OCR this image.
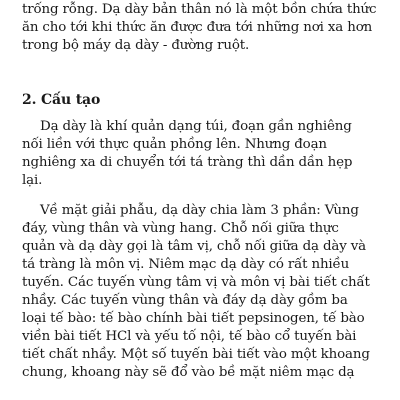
trống rỗng. Dạ dày bản thân nó là một bồn chứa thức
ăn cho tới khi thức ăn được đưa tới những nơi xa hơn
trong bộ máy dạ dày - đường ruột.
2. Cấu tạo
Dạ dày là khí quản dạng túi, đoạn gần nghiêng
nối liền với thực quản phồng lên. Nhưng đoạn
nghiêng xa di chuyển tới tá tràng thì dần dần hẹp
lại.
Về mặt giải phẫu, dạ dày chia làm 3 phần: Vùng
đáy, vùng thân và vùng hang. Chỗ nối giữa thực
quản và dạ dày gọi là tâm vị, chỗ nối giữa dạ dày và
tá tràng là môn vị. Niêm mạc dạ dày có rất nhiều
tuyến. Các tuyến vùng tâm vị và môn vị bài tiết chất
nhầy. Các tuyến vùng thân và đáy dạ dày gồm ba
loại tế bào: tế bào chính bài tiết pepsinogen, tế bào
viền bài tiết HCl và yếu tố nội, tế bào cổ tuyến bài
tiết chất nhầy. Một số tuyến bài tiết vào một khoang
chung, khoang này sẽ đổ vào bề mặt niêm mạc dạ
